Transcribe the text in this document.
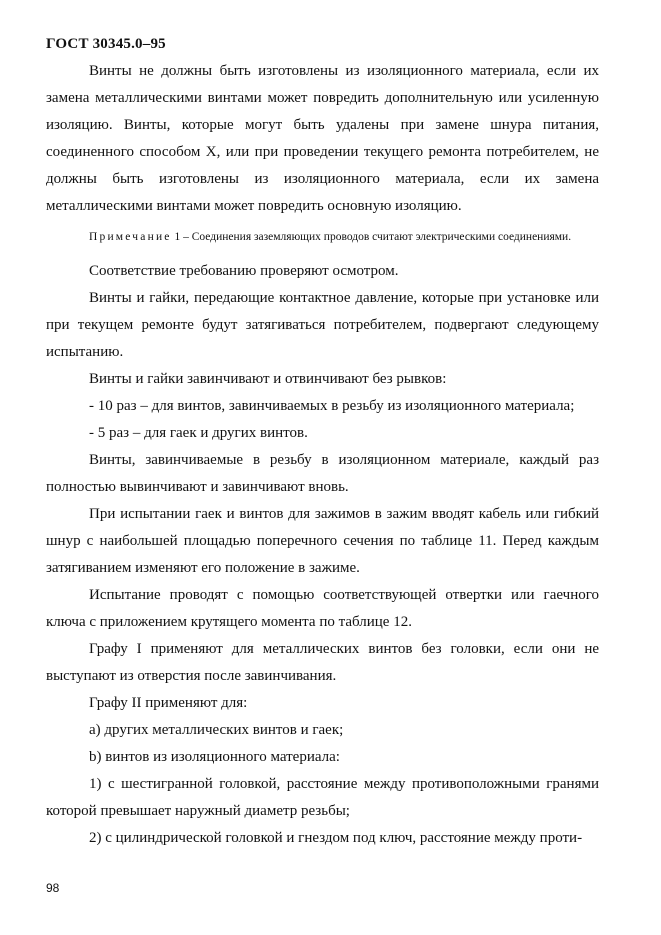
ГОСТ 30345.0–95

Винты не должны быть изготовлены из изоляционного материала, если их замена металлическими винтами может повредить дополнительную или усиленную изоляцию. Винты, которые могут быть удалены при замене шнура питания, соединенного способом X, или при проведении текущего ремонта потребителем, не должны быть изготовлены из изоляционного материала, если их замена металлическими винтами может повредить основную изоляцию.

Примечание 1 – Соединения заземляющих проводов считают электрическими соединениями.

Соответствие требованию проверяют осмотром.

Винты и гайки, передающие контактное давление, которые при установке или при текущем ремонте будут затягиваться потребителем, подвергают следующему испытанию.

Винты и гайки завинчивают и отвинчивают без рывков:

- 10 раз – для винтов, завинчиваемых в резьбу из изоляционного материала;

- 5 раз – для гаек и других винтов.

Винты, завинчиваемые в резьбу в изоляционном материале, каждый раз полностью вывинчивают и завинчивают вновь.

При испытании гаек и винтов для зажимов в зажим вводят кабель или гибкий шнур с наибольшей площадью поперечного сечения по таблице 11. Перед каждым затягиванием изменяют его положение в зажиме.

Испытание проводят с помощью соответствующей отвертки или гаечного ключа с приложением крутящего момента по таблице 12.

Графу I применяют для металлических винтов без головки, если они не выступают из отверстия после завинчивания.

Графу II применяют для:

а) других металлических винтов и гаек;

b) винтов из изоляционного материала:

1) с шестигранной головкой, расстояние между противоположными гранями которой превышает наружный диаметр резьбы;

2) с цилиндрической головкой и гнездом под ключ, расстояние между проти-

98
